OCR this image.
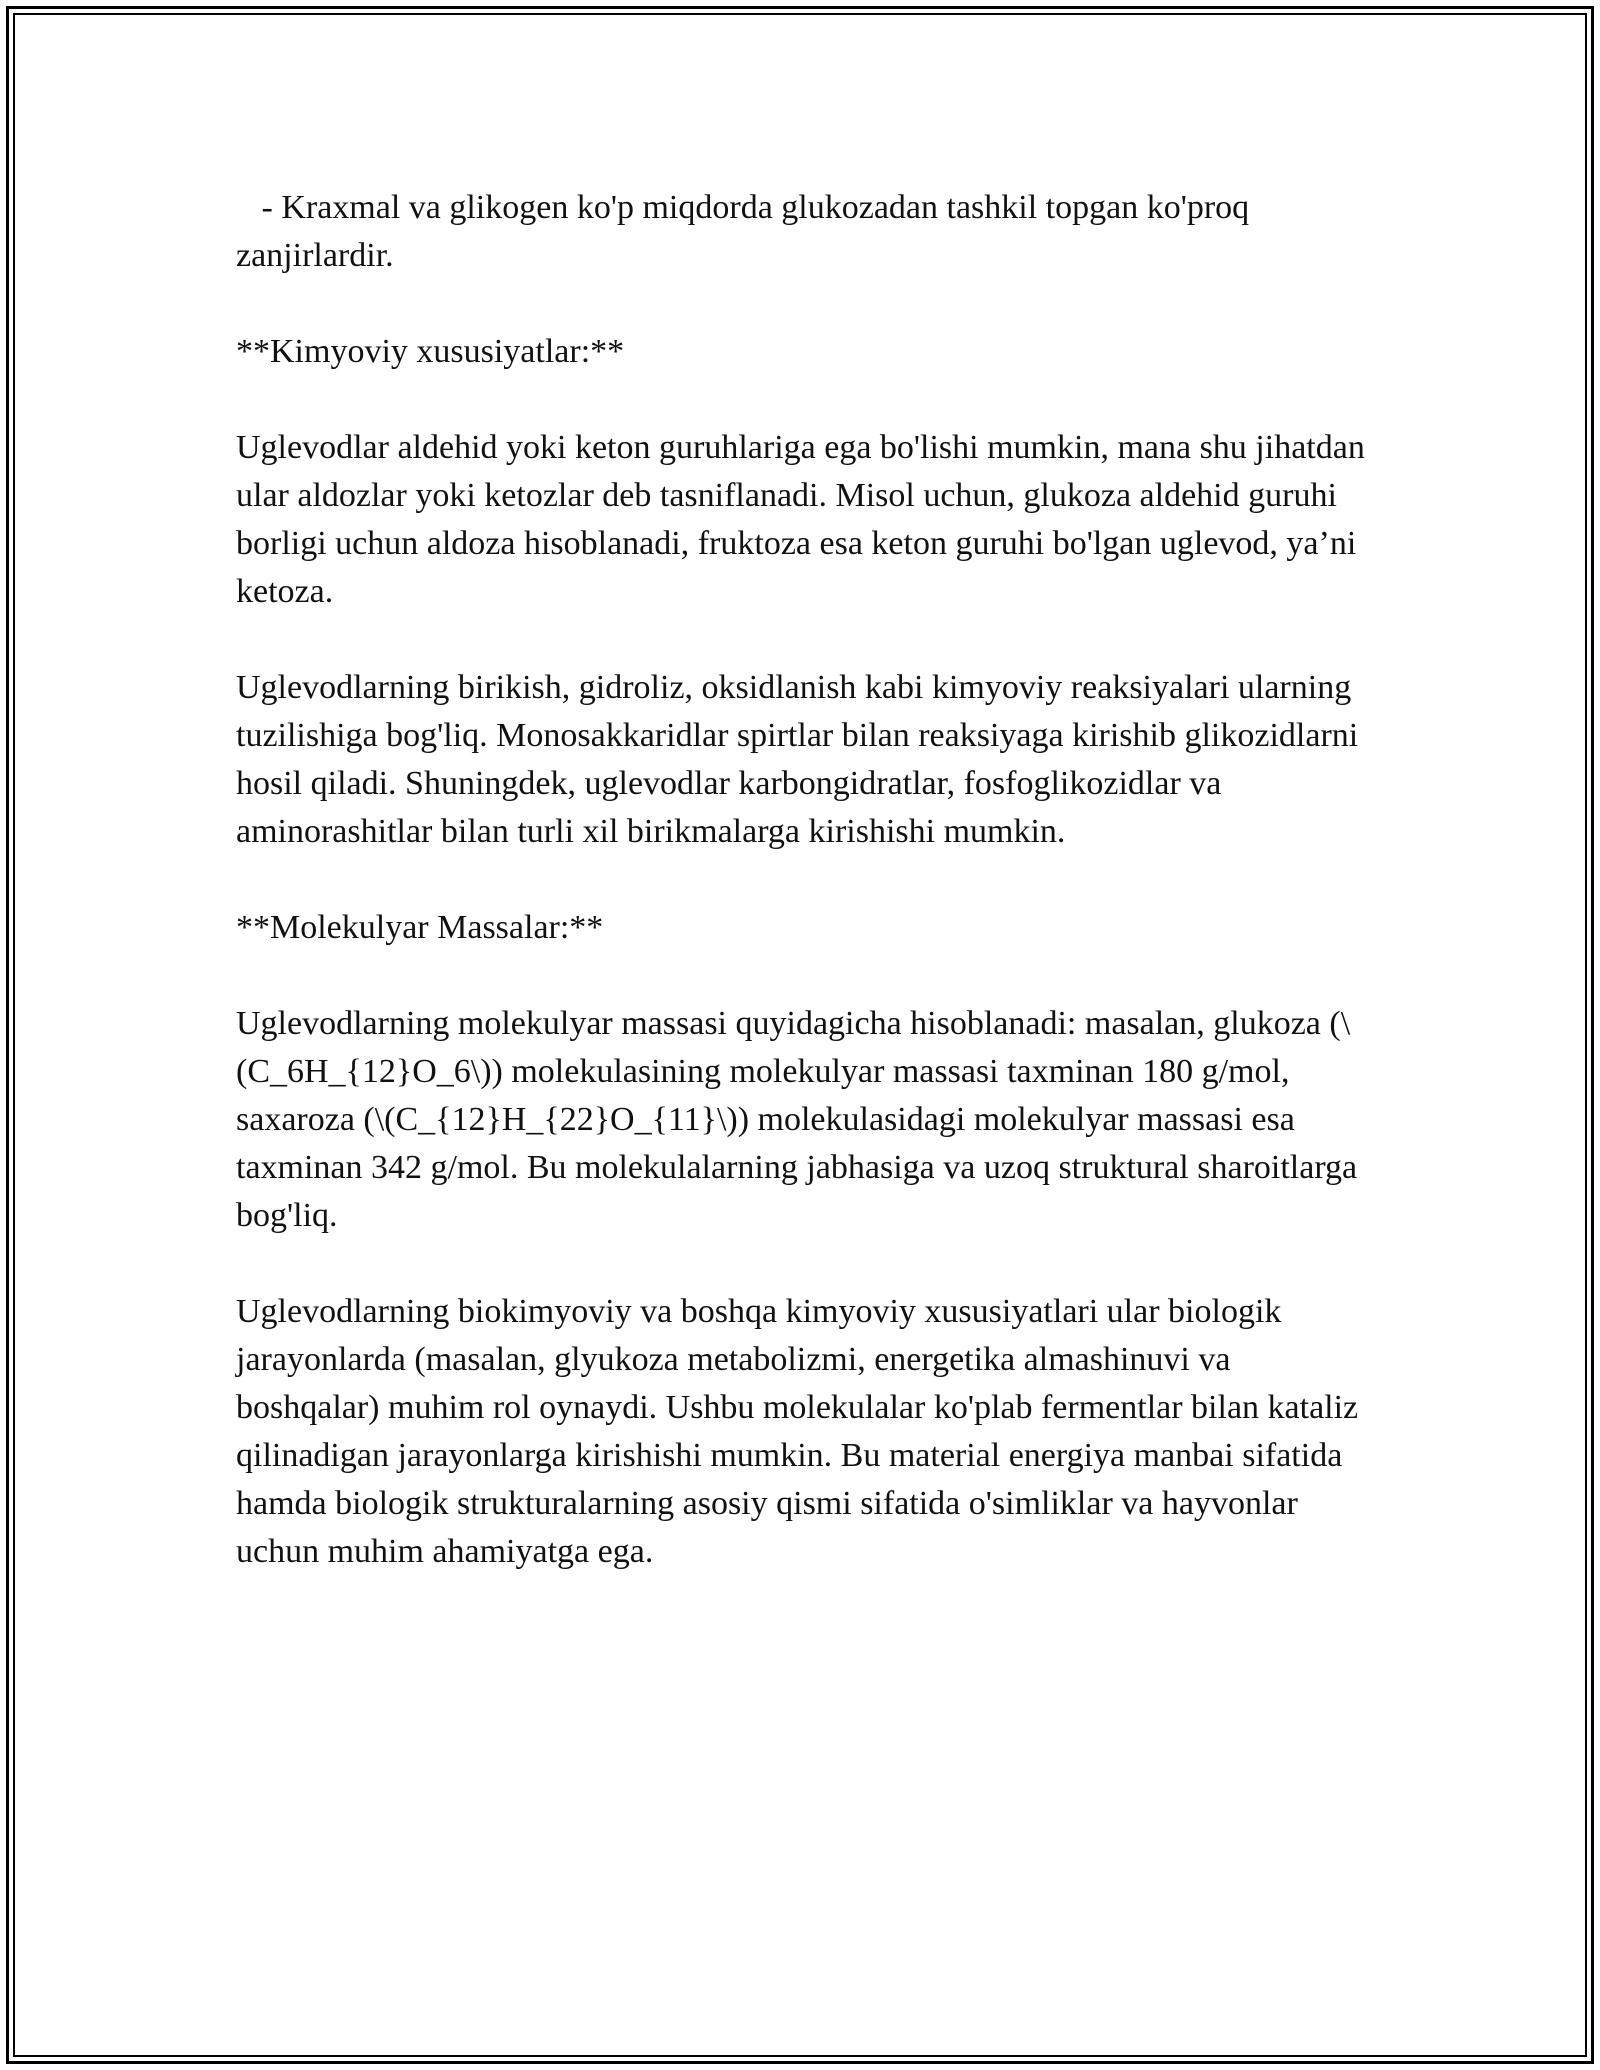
- Kraxmal va glikogen ko'p miqdorda glukozadan tashkil topgan ko'proq zanjirlardir.

**Kimyoviy xususiyatlar:**

Uglevodlar aldehid yoki keton guruhlariga ega bo'lishi mumkin, mana shu jihatdan ular aldozlar yoki ketozlar deb tasniflanadi. Misol uchun, glukoza aldehid guruhi borligi uchun aldoza hisoblanadi, fruktoza esa keton guruhi bo'lgan uglevod, ya’ni ketoza.

Uglevodlarning birikish, gidroliz, oksidlanish kabi kimyoviy reaksiyalari ularning tuzilishiga bog'liq. Monosakkaridlar spirtlar bilan reaksiyaga kirishib glikozidlarni hosil qiladi. Shuningdek, uglevodlar karbongidratlar, fosfoglikozidlar va aminorashitlar bilan turli xil birikmalarga kirishishi mumkin.

**Molekulyar Massalar:**

Uglevodlarning molekulyar massasi quyidagicha hisoblanadi: masalan, glukoza (\(C_6H_{12}O_6\)) molekulasining molekulyar massasi taxminan 180 g/mol, saxaroza (\(C_{12}H_{22}O_{11}\)) molekulasidagi molekulyar massasi esa taxminan 342 g/mol. Bu molekulalarning jabhasiga va uzoq struktural sharoitlarga bog'liq.

Uglevodlarning biokimyoviy va boshqa kimyoviy xususiyatlari ular biologik jarayonlarda (masalan, glyukoza metabolizmi, energetika almashinuvi va boshqalar) muhim rol oynaydi. Ushbu molekulalar ko'plab fermentlar bilan kataliz qilinadigan jarayonlarga kirishishi mumkin. Bu material energiya manbai sifatida hamda biologik strukturalarning asosiy qismi sifatida o'simliklar va hayvonlar uchun muhim ahamiyatga ega.
